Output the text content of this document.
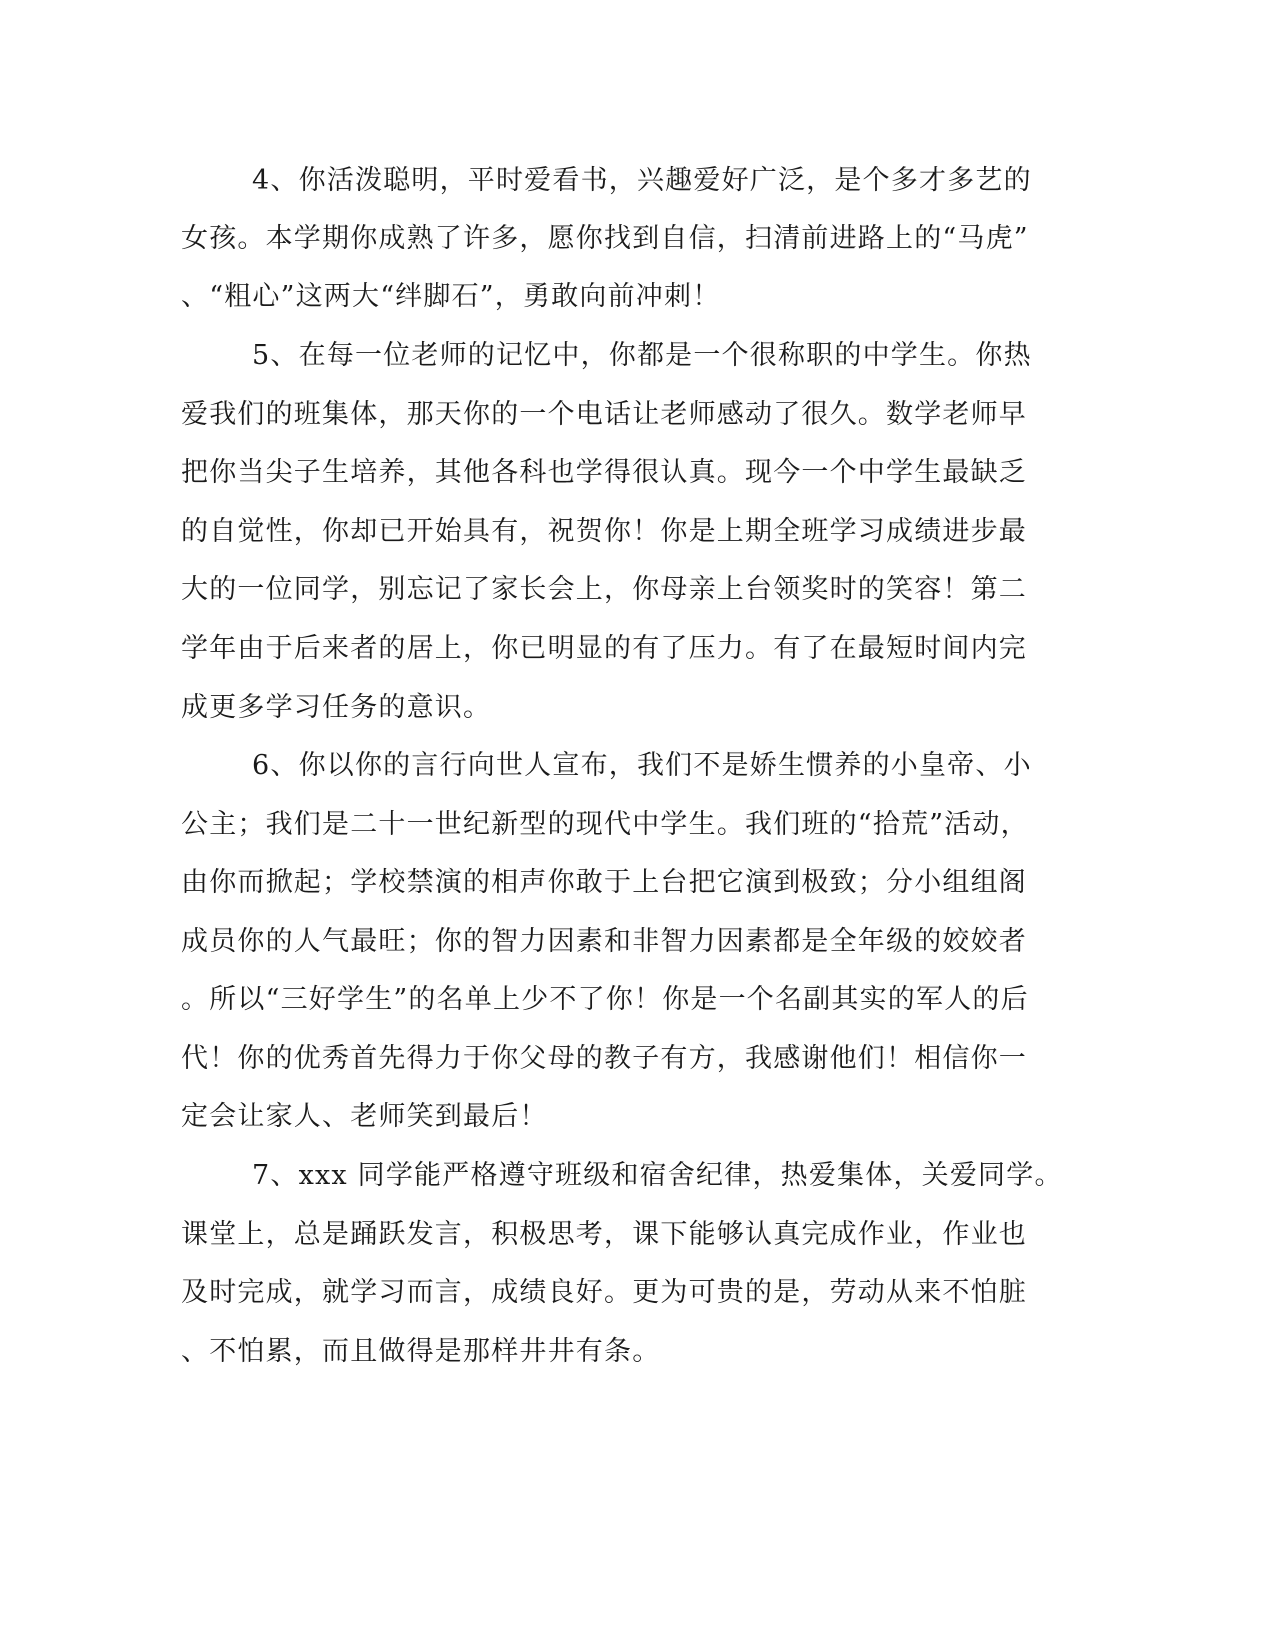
4、你活泼聪明，平时爱看书，兴趣爱好广泛，是个多才多艺的
女孩。本学期你成熟了许多，愿你找到自信，扫清前进路上的“马虎”
、“粗心”这两大“绊脚石”，勇敢向前冲刺！
5、在每一位老师的记忆中，你都是一个很称职的中学生。你热
爱我们的班集体，那天你的一个电话让老师感动了很久。数学老师早
把你当尖子生培养，其他各科也学得很认真。现今一个中学生最缺乏
的自觉性，你却已开始具有，祝贺你！你是上期全班学习成绩进步最
大的一位同学，别忘记了家长会上，你母亲上台领奖时的笑容！第二
学年由于后来者的居上，你已明显的有了压力。有了在最短时间内完
成更多学习任务的意识。
6、你以你的言行向世人宣布，我们不是娇生惯养的小皇帝、小
公主；我们是二十一世纪新型的现代中学生。我们班的“拾荒”活动，
由你而掀起；学校禁演的相声你敢于上台把它演到极致；分小组组阁
成员你的人气最旺；你的智力因素和非智力因素都是全年级的姣姣者
。所以“三好学生”的名单上少不了你！你是一个名副其实的军人的后
代！你的优秀首先得力于你父母的教子有方，我感谢他们！相信你一
定会让家人、老师笑到最后！
7、xxx 同学能严格遵守班级和宿舍纪律，热爱集体，关爱同学。
课堂上，总是踊跃发言，积极思考，课下能够认真完成作业，作业也
及时完成，就学习而言，成绩良好。更为可贵的是，劳动从来不怕脏
、不怕累，而且做得是那样井井有条。
